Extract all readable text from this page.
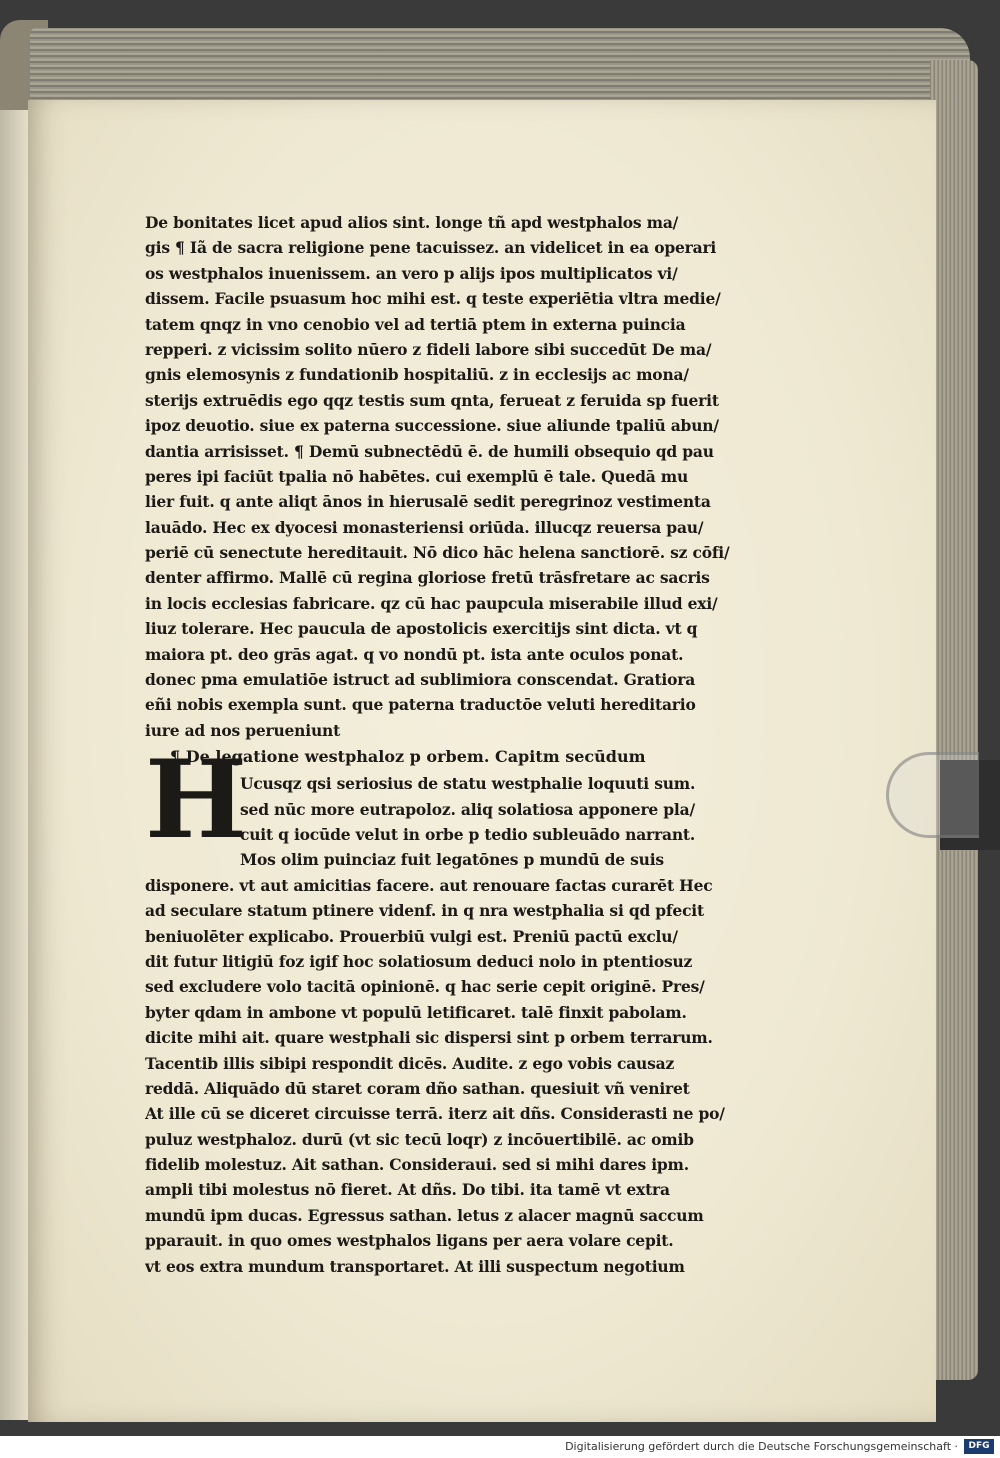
De bonitates licet apud alios sint. longe tñ apd westphalos ma/
gis ¶ Iã de sacra religione pene tacuissez. an videlicet in ea operari
os westphalos inuenissem. an vero p alijs ipos multiplicatos vi/
dissem. Facile psuasum hoc mihi est. q teste experiētia vltra medie/
tatem qnqz in vno cenobio vel ad tertiā ptem in externa puincia
repperi. z vicissim solito nūero z fideli labore sibi succedūt De ma/
gnis elemosynis z fundationib hospitaliū. z in ecclesijs ac mona/
sterijs extruēdis ego qqz testis sum qnta, ferueat z feruida sp fuerit
ipoz deuotio. siue ex paterna successione. siue aliunde tpaliū abun/
dantia arrisisset. ¶ Demū subnectēdū ē. de humili obsequio qd pau
peres ipi faciūt tpalia nō habētes. cui exemplū ē tale. Quedā mu
lier fuit. q ante aliqt ānos in hierusalē sedit peregrinoz vestimenta
lauādo. Hec ex dyocesi monasteriensi oriūda. illucqz reuersa pau/
periē cū senectute hereditauit. Nō dico hāc helena sanctiorē. sz cōfi/
denter affirmo. Mallē cū regina gloriose fretū trāsfretare ac sacris
in locis ecclesias fabricare. qz cū hac paupcula miserabile illud exi/
liuz tolerare. Hec paucula de apostolicis exercitijs sint dicta. vt q
maiora pt. deo grās agat. q vo nondū pt. ista ante oculos ponat.
donec pma emulatiōe istruct ad sublimiora conscendat. Gratiora
eñi nobis exempla sunt. que paterna traductōe veluti hereditario
iure ad nos perueniunt
¶ De legatione westphaloz p orbem. Capitm secūdum
Ucusqz qsi seriosius de statu westphalie loquuti sum.
sed nūc more eutrapoloz. aliq solatiosa apponere pla/
cuit q iocūde velut in orbe p tedio subleuādo narrant.
Mos olim puinciaz fuit legatōnes p mundū de suis
disponere. vt aut amicitias facere. aut renouare factas curarēt Hec
ad seculare statum ptinere videnf. in q nra westphalia si qd pfecit
beniuolēter explicabo. Prouerbiū vulgi est. Preniū pactū exclu/
dit futur litigiū foz igif hoc solatiosum deduci nolo in ptentiosuz
sed excludere volo tacitā opinionē. q hac serie cepit originē. Pres/
byter qdam in ambone vt populū letificaret. talē finxit pabolam.
dicite mihi ait. quare westphali sic dispersi sint p orbem terrarum.
Tacentib illis sibipi respondit dicēs. Audite. z ego vobis causaz
reddā. Aliquādo dū staret coram dño sathan. quesiuit vñ veniret
At ille cū se diceret circuisse terrā. iterz ait dñs. Considerasti ne po/
puluz westphaloz. durū (vt sic tecū loqr) z incōuertibilē. ac omib
fidelib molestuz. Ait sathan. Consideraui. sed si mihi dares ipm.
ampli tibi molestus nō fieret. At dñs. Do tibi. ita tamē vt extra
mundū ipm ducas. Egressus sathan. letus z alacer magnū saccum
pparauit. in quo omes westphalos ligans per aera volare cepit.
vt eos extra mundum transportaret. At illi suspectum negotium
H
Digitalisierung gefördert durch die Deutsche Forschungsgemeinschaft ·	DFG
